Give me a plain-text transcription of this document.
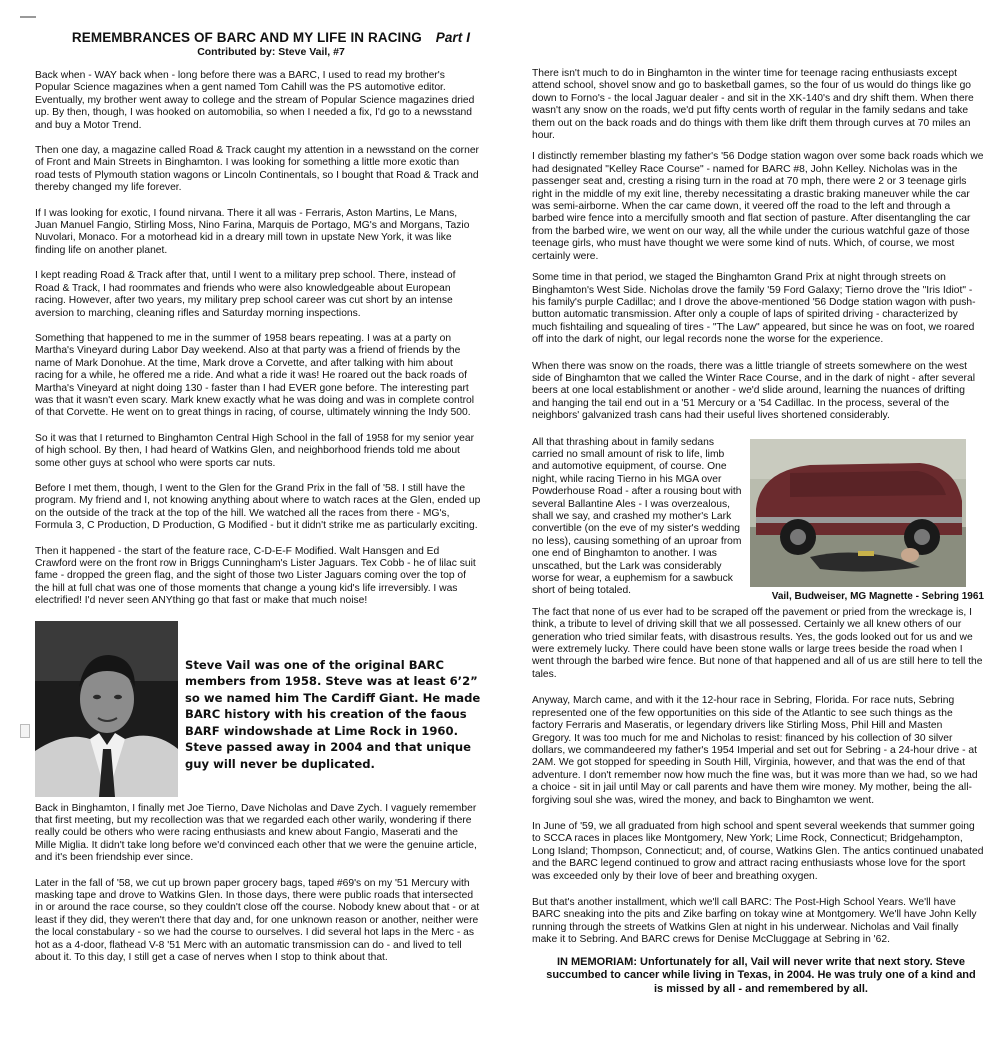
REMEMBRANCES OF BARC AND MY LIFE IN RACING Part I
Contributed by: Steve Vail, #7

Back when - WAY back when - long before there was a BARC, I used to read my brother's Popular Science magazines when a gent named Tom Cahill was the PS automotive editor. Eventually, my brother went away to college and the stream of Popular Science magazines dried up. By then, though, I was hooked on automobilia, so when I needed a fix, I'd go to a newsstand and buy a Motor Trend.

Then one day, a magazine called Road & Track caught my attention in a newsstand on the corner of Front and Main Streets in Binghamton. I was looking for something a little more exotic than road tests of Plymouth station wagons or Lincoln Continentals, so I bought that Road & Track and thereby changed my life forever.

If I was looking for exotic, I found nirvana. There it all was - Ferraris, Aston Martins, Le Mans, Juan Manuel Fangio, Stirling Moss, Nino Farina, Marquis de Portago, MG's and Morgans, Tazio Nuvolari, Monaco. For a motorhead kid in a dreary mill town in upstate New York, it was like finding life on another planet.

I kept reading Road & Track after that, until I went to a military prep school. There, instead of Road & Track, I had roommates and friends who were also knowledgeable about European racing. However, after two years, my military prep school career was cut short by an intense aversion to marching, cleaning rifles and Saturday morning inspections.

Something that happened to me in the summer of 1958 bears repeating. I was at a party on Martha's Vineyard during Labor Day weekend. Also at that party was a friend of friends by the name of Mark Donohue. At the time, Mark drove a Corvette, and after talking with him about racing for a while, he offered me a ride. And what a ride it was! He roared out the back roads of Martha's Vineyard at night doing 130 - faster than I had EVER gone before. The interesting part was that it wasn't even scary. Mark knew exactly what he was doing and was in complete control of that Corvette. He went on to great things in racing, of course, ultimately winning the Indy 500.

So it was that I returned to Binghamton Central High School in the fall of 1958 for my senior year of high school. By then, I had heard of Watkins Glen, and neighborhood friends told me about some other guys at school who were sports car nuts.

Before I met them, though, I went to the Glen for the Grand Prix in the fall of '58. I still have the program. My friend and I, not knowing anything about where to watch races at the Glen, ended up on the outside of the track at the top of the hill. We watched all the races from there - MG's, Formula 3, C Production, D Production, G Modified - but it didn't strike me as particularly exciting.

Then it happened - the start of the feature race, C-D-E-F Modified. Walt Hansgen and Ed Crawford were on the front row in Briggs Cunningham's Lister Jaguars. Tex Cobb - he of lilac suit fame - dropped the green flag, and the sight of those two Lister Jaguars coming over the top of the hill at full chat was one of those moments that change a young kid's life irreversibly. I was electrified! I'd never seen ANYthing go that fast or make that much noise!

Steve Vail was one of the original BARC members from 1958. Steve was at least 6’2” so we named him The Cardiff Giant. He made BARC history with his creation of the faous BARF windowshade at Lime Rock in 1960. Steve passed away in 2004 and that unique guy will never be duplicated.

Back in Binghamton, I finally met Joe Tierno, Dave Nicholas and Dave Zych. I vaguely remember that first meeting, but my recollection was that we regarded each other warily, wondering if there really could be others who were racing enthusiasts and knew about Fangio, Maserati and the Mille Miglia. It didn't take long before we'd convinced each other that we were the genuine article, and it's been friendship ever since.

Later in the fall of '58, we cut up brown paper grocery bags, taped #69's on my '51 Mercury with masking tape and drove to Watkins Glen. In those days, there were public roads that intersected in or around the race course, so they couldn't close off the course. Nobody knew about that - or at least if they did, they weren't there that day and, for one unknown reason or another, neither were the local constabulary - so we had the course to ourselves. I did several hot laps in the Merc - as hot as a 4-door, flathead V-8 '51 Merc with an automatic transmission can do - and lived to tell about it. To this day, I still get a case of nerves when I stop to think about that.

There isn't much to do in Binghamton in the winter time for teenage racing enthusiasts except attend school, shovel snow and go to basketball games, so the four of us would do things like go down to Forno's - the local Jaguar dealer - and sit in the XK-140's and dry shift them. When there wasn't any snow on the roads, we'd put fifty cents worth of regular in the family sedans and take them out on the back roads and do things with them like drift them through curves at 70 miles an hour.

I distinctly remember blasting my father's '56 Dodge station wagon over some back roads which we had designated "Kelley Race Course" - named for BARC #8, John Kelley. Nicholas was in the passenger seat and, cresting a rising turn in the road at 70 mph, there were 2 or 3 teenage girls right in the middle of my exit line, thereby necessitating a drastic braking maneuver while the car was semi-airborne. When the car came down, it veered off the road to the left and through a barbed wire fence into a mercifully smooth and flat section of pasture. After disentangling the car from the barbed wire, we went on our way, all the while under the curious watchful gaze of those teenage girls, who must have thought we were some kind of nuts. Which, of course, we most certainly were.

Some time in that period, we staged the Binghamton Grand Prix at night through streets on Binghamton's West Side. Nicholas drove the family '59 Ford Galaxy; Tierno drove the "Iris Idiot" - his family's purple Cadillac; and I drove the above-mentioned '56 Dodge station wagon with push-button automatic transmission. After only a couple of laps of spirited driving - characterized by much fishtailing and squealing of tires - "The Law" appeared, but since he was on foot, we roared off into the dark of night, our legal records none the worse for the experience.

When there was snow on the roads, there was a little triangle of streets somewhere on the west side of Binghamton that we called the Winter Race Course, and in the dark of night - after several beers at one local establishment or another - we'd slide around, learning the nuances of drifting and hanging the tail end out in a '51 Mercury or a '54 Cadillac. In the process, several of the neighbors' galvanized trash cans had their useful lives shortened considerably.

Vail, Budweiser, MG Magnette - Sebring 1961

All that thrashing about in family sedans carried no small amount of risk to life, limb and automotive equipment, of course. One night, while racing Tierno in his MGA over Powderhouse Road - after a rousing bout with several Ballantine Ales - I was overzealous, shall we say, and crashed my mother's Lark convertible (on the eve of my sister's wedding no less), causing something of an uproar from one end of Binghamton to another. I was unscathed, but the Lark was considerably worse for wear, a euphemism for a sawbuck short of being totaled.

The fact that none of us ever had to be scraped off the pavement or pried from the wreckage is, I think, a tribute to level of driving skill that we all possessed. Certainly we all knew others of our generation who tried similar feats, with disastrous results. Yes, the gods looked out for us and we were extremely lucky. There could have been stone walls or large trees beside the road when I went through the barbed wire fence. But none of that happened and all of us are still here to tell the tales.

Anyway, March came, and with it the 12-hour race in Sebring, Florida. For race nuts, Sebring represented one of the few opportunities on this side of the Atlantic to see such things as the factory Ferraris and Maseratis, or legendary drivers like Stirling Moss, Phil Hill and Masten Gregory. It was too much for me and Nicholas to resist: financed by his collection of 30 silver dollars, we commandeered my father's 1954 Imperial and set out for Sebring - a 24-hour drive - at 2AM. We got stopped for speeding in South Hill, Virginia, however, and that was the end of that adventure. I don't remember now how much the fine was, but it was more than we had, so we had a choice - sit in jail until May or call parents and have them wire money. My mother, being the all-forgiving soul she was, wired the money, and back to Binghamton we went.

In June of '59, we all graduated from high school and spent several weekends that summer going to SCCA races in places like Montgomery, New York; Lime Rock, Connecticut; Bridgehampton, Long Island; Thompson, Connecticut; and, of course, Watkins Glen. The antics continued unabated and the BARC legend continued to grow and attract racing enthusiasts whose love for the sport was exceeded only by their love of beer and breathing oxygen.

But that's another installment, which we'll call BARC: The Post-High School Years. We'll have BARC sneaking into the pits and Zike barfing on tokay wine at Montgomery. We'll have John Kelly running through the streets of Watkins Glen at night in his underwear. Nicholas and Vail finally make it to Sebring. And BARC crews for Denise McCluggage at Sebring in '62.

IN MEMORIAM: Unfortunately for all, Vail will never write that next story. Steve succumbed to cancer while living in Texas, in 2004. He was truly one of a kind and is missed by all - and remembered by all.
